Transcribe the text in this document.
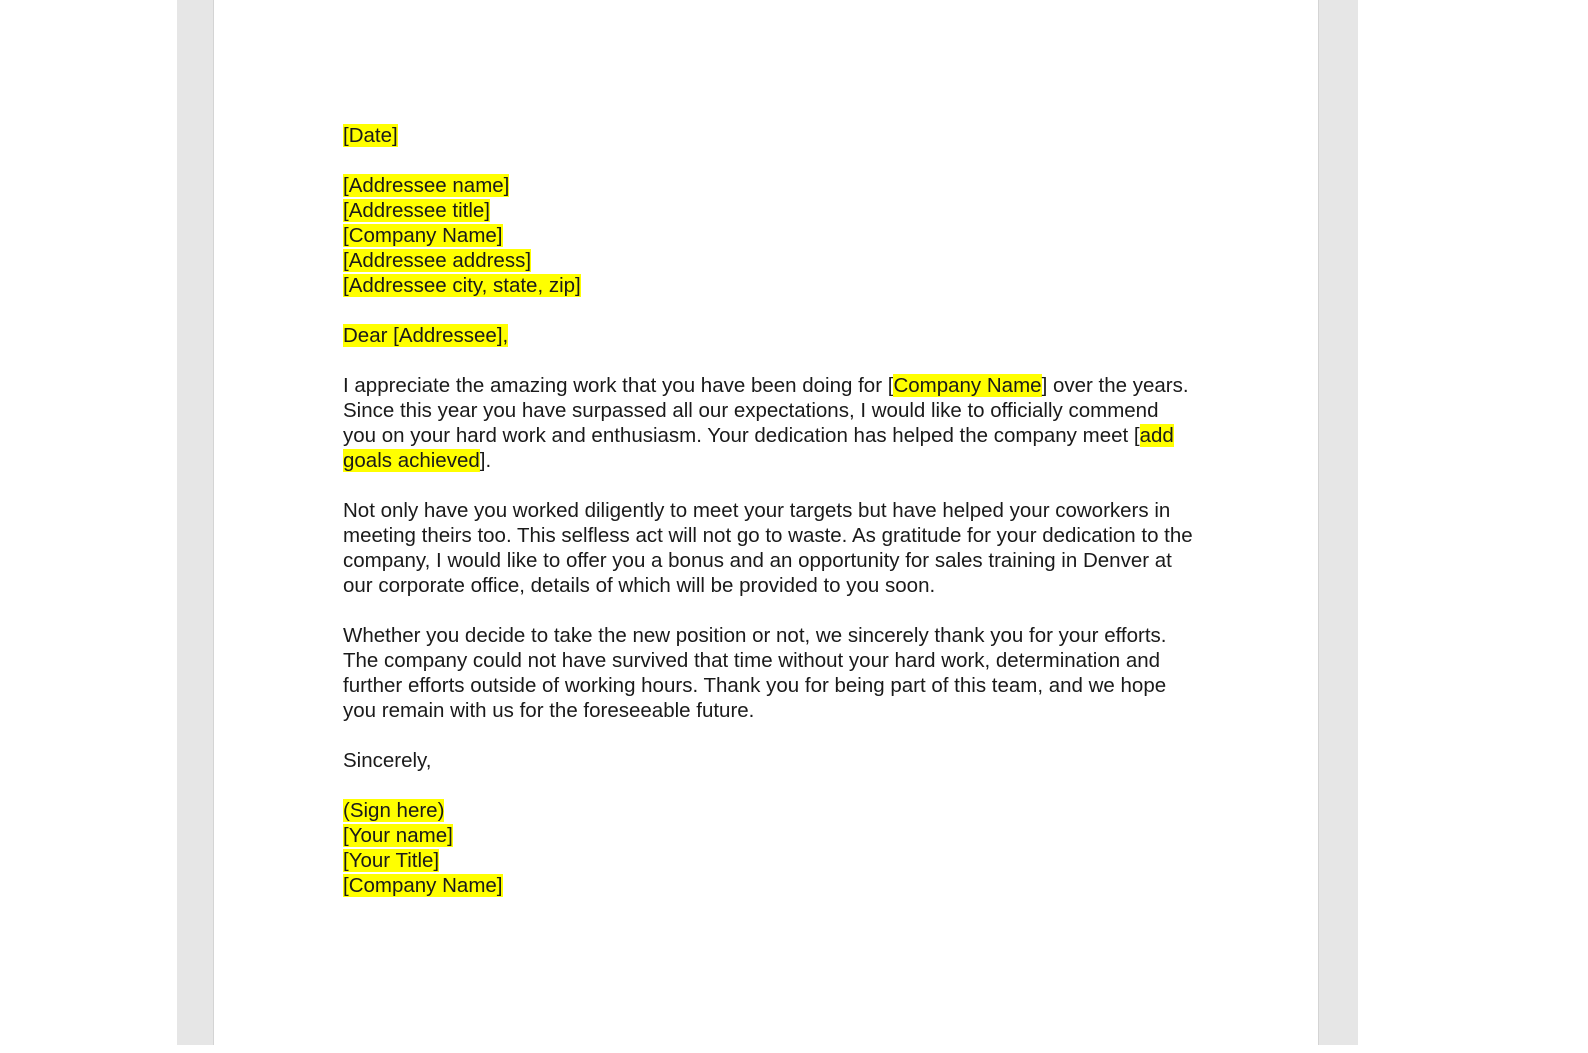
[Date]
[Addressee name]
[Addressee title]
[Company Name]
[Addressee address]
[Addressee city, state, zip]
Dear [Addressee],
I appreciate the amazing work that you have been doing for [Company Name] over the years. Since this year you have surpassed all our expectations, I would like to officially commend you on your hard work and enthusiasm. Your dedication has helped the company meet [add goals achieved].
Not only have you worked diligently to meet your targets but have helped your coworkers in meeting theirs too. This selfless act will not go to waste. As gratitude for your dedication to the company, I would like to offer you a bonus and an opportunity for sales training in Denver at our corporate office, details of which will be provided to you soon.
Whether you decide to take the new position or not, we sincerely thank you for your efforts. The company could not have survived that time without your hard work, determination and further efforts outside of working hours. Thank you for being part of this team, and we hope you remain with us for the foreseeable future.
Sincerely,
(Sign here)
[Your name]
[Your Title]
[Company Name]
